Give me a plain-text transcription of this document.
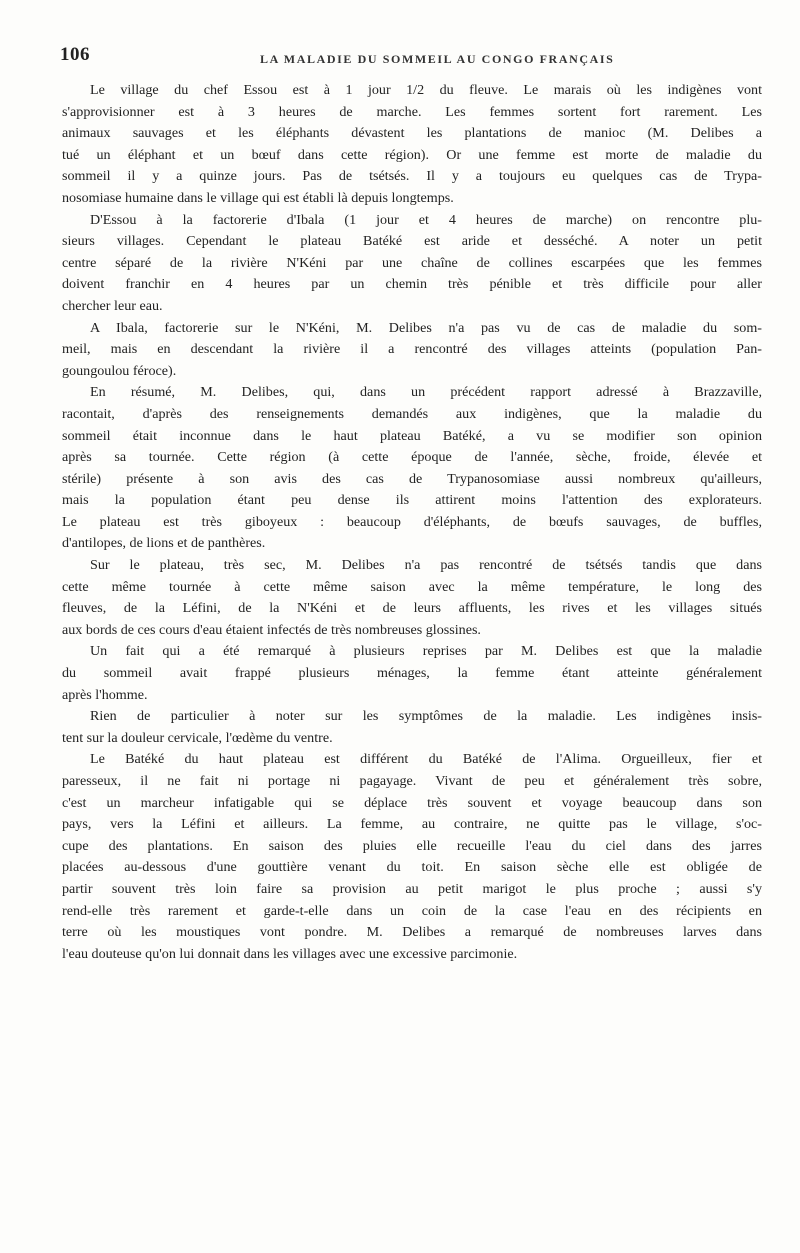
106	LA MALADIE DU SOMMEIL AU CONGO FRANÇAIS

Le village du chef Essou est à 1 jour 1/2 du fleuve. Le marais où les indigènes vont
s'approvisionner est à 3 heures de marche. Les femmes sortent fort rarement. Les
animaux sauvages et les éléphants dévastent les plantations de manioc (M. Delibes a
tué un éléphant et un bœuf dans cette région). Or une femme est morte de maladie du
sommeil il y a quinze jours. Pas de tsétsés. Il y a toujours eu quelques cas de Trypa-
nosomiase humaine dans le village qui est établi là depuis longtemps.

D'Essou à la factorerie d'Ibala (1 jour et 4 heures de marche) on rencontre plu-
sieurs villages. Cependant le plateau Batéké est aride et desséché. A noter un petit
centre séparé de la rivière N'Kéni par une chaîne de collines escarpées que les femmes
doivent franchir en 4 heures par un chemin très pénible et très difficile pour aller
chercher leur eau.

A Ibala, factorerie sur le N'Kéni, M. Delibes n'a pas vu de cas de maladie du som-
meil, mais en descendant la rivière il a rencontré des villages atteints (population Pan-
goungoulou féroce).

En résumé, M. Delibes, qui, dans un précédent rapport adressé à Brazzaville,
racontait, d'après des renseignements demandés aux indigènes, que la maladie du
sommeil était inconnue dans le haut plateau Batéké, a vu se modifier son opinion
après sa tournée. Cette région (à cette époque de l'année, sèche, froide, élevée et
stérile) présente à son avis des cas de Trypanosomiase aussi nombreux qu'ailleurs,
mais la population étant peu dense ils attirent moins l'attention des explorateurs.
Le plateau est très giboyeux : beaucoup d'éléphants, de bœufs sauvages, de buffles,
d'antilopes, de lions et de panthères.

Sur le plateau, très sec, M. Delibes n'a pas rencontré de tsétsés tandis que dans
cette même tournée à cette même saison avec la même température, le long des
fleuves, de la Léfini, de la N'Kéni et de leurs affluents, les rives et les villages situés
aux bords de ces cours d'eau étaient infectés de très nombreuses glossines.

Un fait qui a été remarqué à plusieurs reprises par M. Delibes est que la maladie
du sommeil avait frappé plusieurs ménages, la femme étant atteinte généralement
après l'homme.

Rien de particulier à noter sur les symptômes de la maladie. Les indigènes insis-
tent sur la douleur cervicale, l'œdème du ventre.

Le Batéké du haut plateau est différent du Batéké de l'Alima. Orgueilleux, fier et
paresseux, il ne fait ni portage ni pagayage. Vivant de peu et généralement très sobre,
c'est un marcheur infatigable qui se déplace très souvent et voyage beaucoup dans son
pays, vers la Léfini et ailleurs. La femme, au contraire, ne quitte pas le village, s'oc-
cupe des plantations. En saison des pluies elle recueille l'eau du ciel dans des jarres
placées au-dessous d'une gouttière venant du toit. En saison sèche elle est obligée de
partir souvent très loin faire sa provision au petit marigot le plus proche ; aussi s'y
rend-elle très rarement et garde-t-elle dans un coin de la case l'eau en des récipients en
terre où les moustiques vont pondre. M. Delibes a remarqué de nombreuses larves dans
l'eau douteuse qu'on lui donnait dans les villages avec une excessive parcimonie.
